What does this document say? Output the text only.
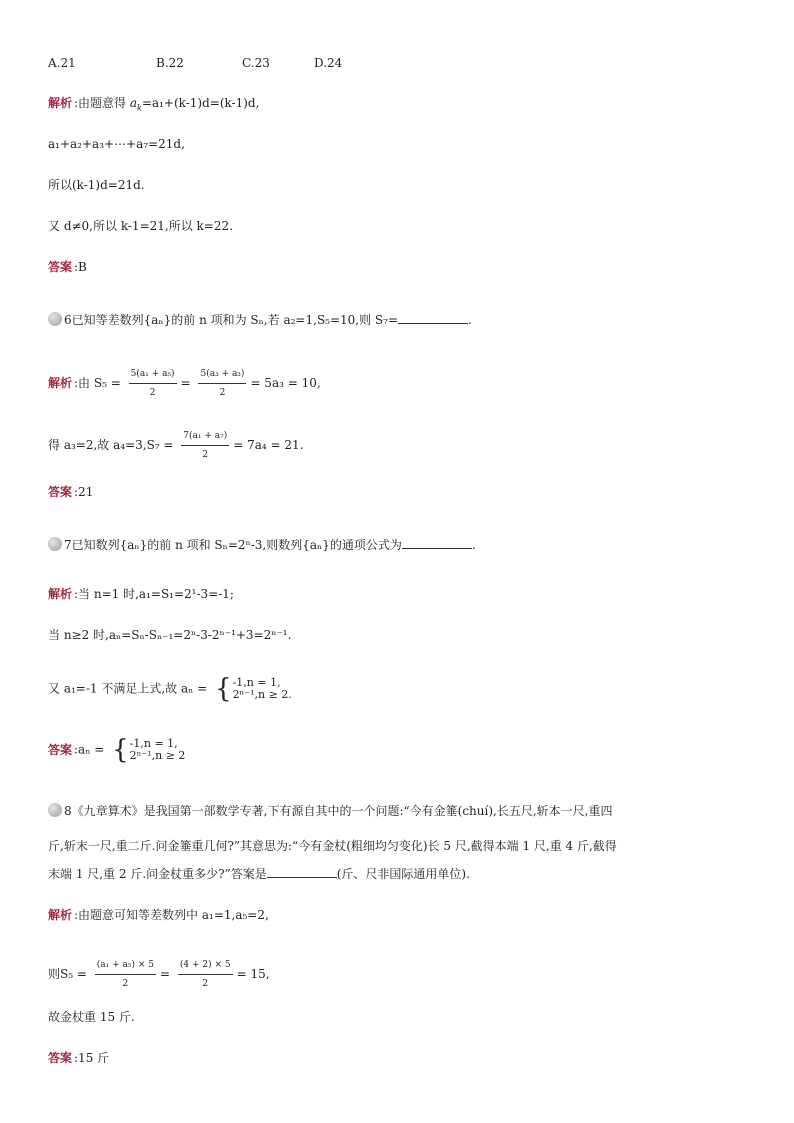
A.21	B.22	C.23	D.24
解析 :由题意得 $a_k=a_1+(k-1)d=(k-1)d$,
a₁+a₂+a₃+⋯+a₇=21d,
所以(k-1)d=21d.
又 d≠0,所以 k-1=21,所以 k=22.
答案 :B
6已知等差数列{aₙ}的前 n 项和为 Sₙ,若 a₂=1,S₅=10,则 S₇=	.
解析 :由 $S_5 = \frac{\text{5(a₁ + a₅)}}{2} = \frac{\text{5(a₃ + a₃)}}{2} = 5a_3 = 10$,
得 a₃=2,故 $a_4=3,S_7 = \frac{\text{7(a₁ + a₇)}}{2} = 7a_4 = 21$.
答案 :21
7已知数列{aₙ}的前 n 项和 Sₙ=2ⁿ-3,则数列{aₙ}的通项公式为	.
解析 :当 n=1 时,a₁=S₁=2¹-3=-1;
当 n≥2 时,aₙ=Sₙ-Sₙ₋₁=2ⁿ-3-2ⁿ⁻¹+3=2ⁿ⁻¹.
又 a₁=-1 不满足上式,故 aₙ = { -1,n = 1,
2ⁿ⁻¹,n ≥ 2.
答案 :aₙ = { -1,n = 1,
2ⁿ⁻¹,n ≥ 2
8《九章算术》是我国第一部数学专著,下有源自其中的一个问题:“今有金箠(chuí),长五尺,斩本一尺,重四
斤,斩末一尺,重二斤.问金箠重几何?”其意思为:“今有金杖(粗细均匀变化)长 5 尺,截得本端 1 尺,重 4 斤,截得
末端 1 尺,重 2 斤.问金杖重多少?”答案是	(斤、尺非国际通用单位).
解析 :由题意可知等差数列中 a₁=1,a₅=2,
则$S_5 = \frac{\text{(a₁ + a₅) × 5}}{2} = \frac{(4 + 2) \times 5}{2} = 15$,
故金杖重 15 斤.
答案 :15 斤
